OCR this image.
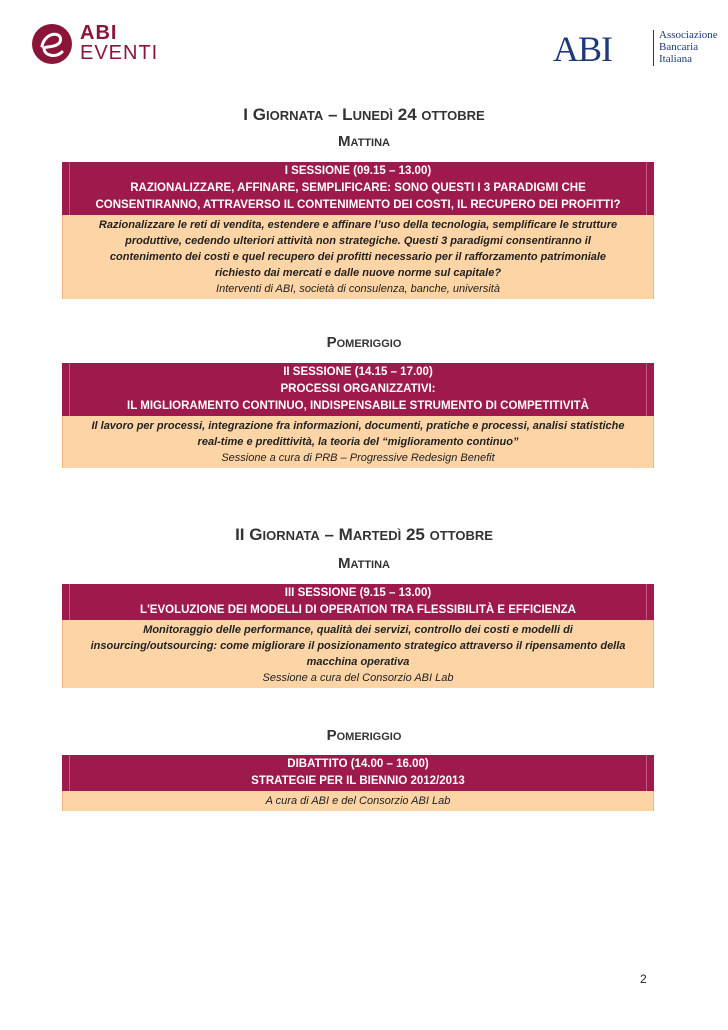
ABI
EVENTI	ABI	Associazione
Bancaria
Italiana
I GIORNATA – LUNEDÌ 24 OTTOBRE
MATTINA
I SESSIONE (09.15 – 13.00)
RAZIONALIZZARE, AFFINARE, SEMPLIFICARE: SONO QUESTI I 3 PARADIGMI CHE
CONSENTIRANNO, ATTRAVERSO IL CONTENIMENTO DEI COSTI, IL RECUPERO DEI PROFITTI?
Razionalizzare le reti di vendita, estendere e affinare l’uso della tecnologia, semplificare le strutture
produttive, cedendo ulteriori attività non strategiche. Questi 3 paradigmi consentiranno il
contenimento dei costi e quel recupero dei profitti necessario per il rafforzamento patrimoniale
richiesto dai mercati e dalle nuove norme sul capitale?
Interventi di ABI, società di consulenza, banche, università
POMERIGGIO
II SESSIONE (14.15 – 17.00)
PROCESSI ORGANIZZATIVI:
IL MIGLIORAMENTO CONTINUO, INDISPENSABILE STRUMENTO DI COMPETITIVITÀ
Il lavoro per processi, integrazione fra informazioni, documenti, pratiche e processi, analisi statistiche
real-time e predittività, la teoria del “miglioramento continuo”
Sessione a cura di PRB – Progressive Redesign Benefit
II GIORNATA – MARTEDÌ 25 OTTOBRE
MATTINA
III SESSIONE (9.15 – 13.00)
L'EVOLUZIONE DEI MODELLI DI OPERATION TRA FLESSIBILITÀ E EFFICIENZA
Monitoraggio delle performance, qualità dei servizi, controllo dei costi e modelli di
insourcing/outsourcing: come migliorare il posizionamento strategico attraverso il ripensamento della
macchina operativa
Sessione a cura del Consorzio ABI Lab
POMERIGGIO
DIBATTITO (14.00 – 16.00)
STRATEGIE PER IL BIENNIO 2012/2013
A cura di ABI e del Consorzio ABI Lab
2
